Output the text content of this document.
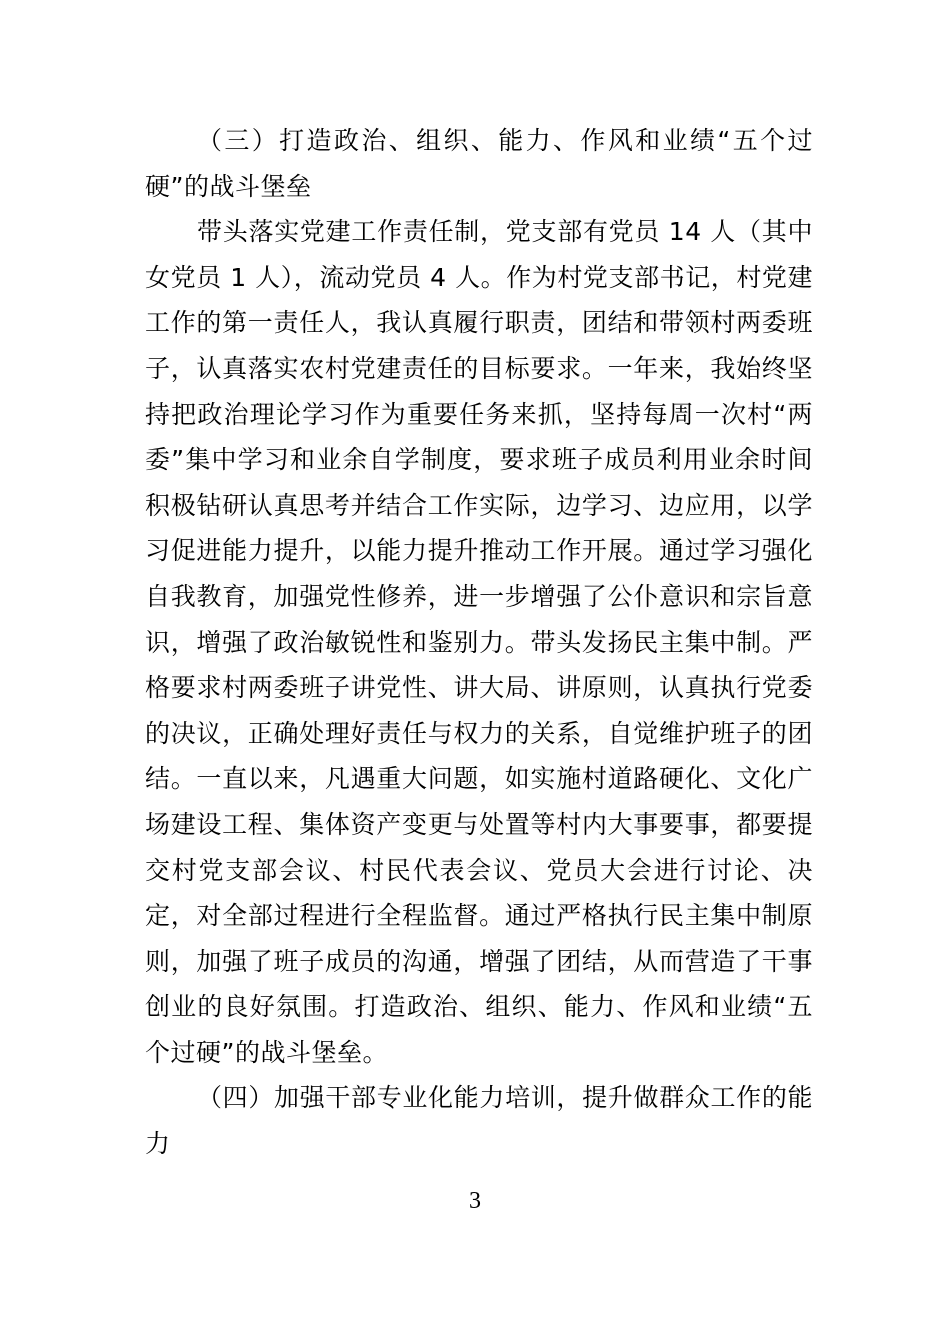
（三）打造政治、组织、能力、作风和业绩“五个过硬”的战斗堡垒

带头落实党建工作责任制，党支部有党员 14 人（其中女党员 1 人），流动党员 4 人。作为村党支部书记，村党建工作的第一责任人，我认真履行职责，团结和带领村两委班子，认真落实农村党建责任的目标要求。一年来，我始终坚持把政治理论学习作为重要任务来抓，坚持每周一次村“两委”集中学习和业余自学制度，要求班子成员利用业余时间积极钻研认真思考并结合工作实际，边学习、边应用，以学习促进能力提升，以能力提升推动工作开展。通过学习强化自我教育，加强党性修养，进一步增强了公仆意识和宗旨意识，增强了政治敏锐性和鉴别力。带头发扬民主集中制。严格要求村两委班子讲党性、讲大局、讲原则，认真执行党委的决议，正确处理好责任与权力的关系，自觉维护班子的团结。一直以来，凡遇重大问题，如实施村道路硬化、文化广场建设工程、集体资产变更与处置等村内大事要事，都要提交村党支部会议、村民代表会议、党员大会进行讨论、决定，对全部过程进行全程监督。通过严格执行民主集中制原则，加强了班子成员的沟通，增强了团结，从而营造了干事创业的良好氛围。打造政治、组织、能力、作风和业绩“五个过硬”的战斗堡垒。

（四）加强干部专业化能力培训，提升做群众工作的能力

3
